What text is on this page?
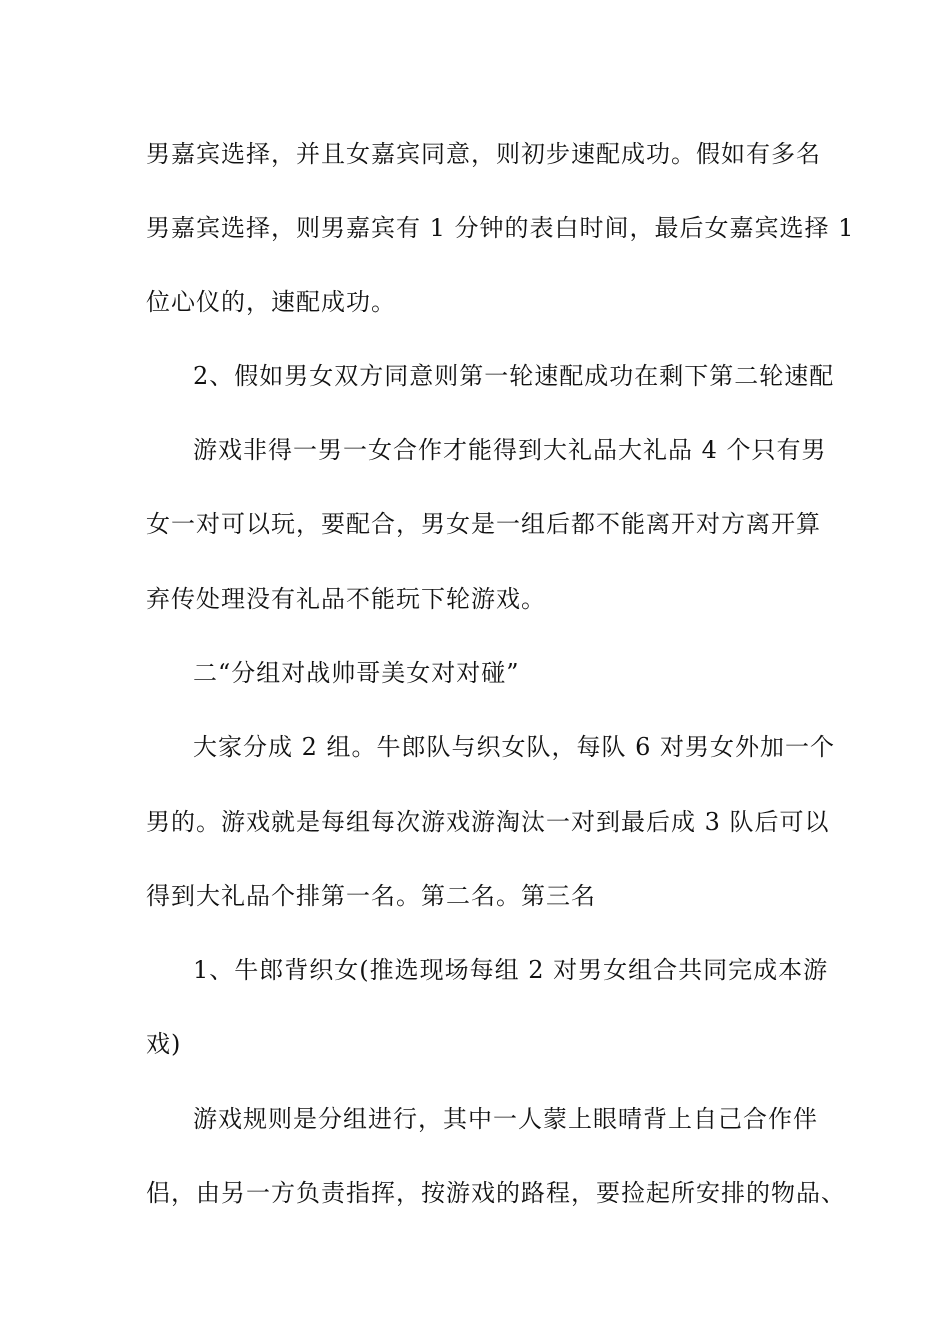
男嘉宾选择，并且女嘉宾同意，则初步速配成功。假如有多名
男嘉宾选择，则男嘉宾有 1 分钟的表白时间，最后女嘉宾选择 1
位心仪的，速配成功。
2、假如男女双方同意则第一轮速配成功在剩下第二轮速配
游戏非得一男一女合作才能得到大礼品大礼品 4 个只有男
女一对可以玩，要配合，男女是一组后都不能离开对方离开算
弃传处理没有礼品不能玩下轮游戏。
二“分组对战帅哥美女对对碰”
大家分成 2 组。牛郎队与织女队，每队 6 对男女外加一个
男的。游戏就是每组每次游戏游淘汰一对到最后成 3 队后可以
得到大礼品个排第一名。第二名。第三名
1、牛郎背织女(推选现场每组 2 对男女组合共同完成本游
戏)
游戏规则是分组进行，其中一人蒙上眼晴背上自己合作伴
侣，由另一方负责指挥，按游戏的路程，要捡起所安排的物品、
